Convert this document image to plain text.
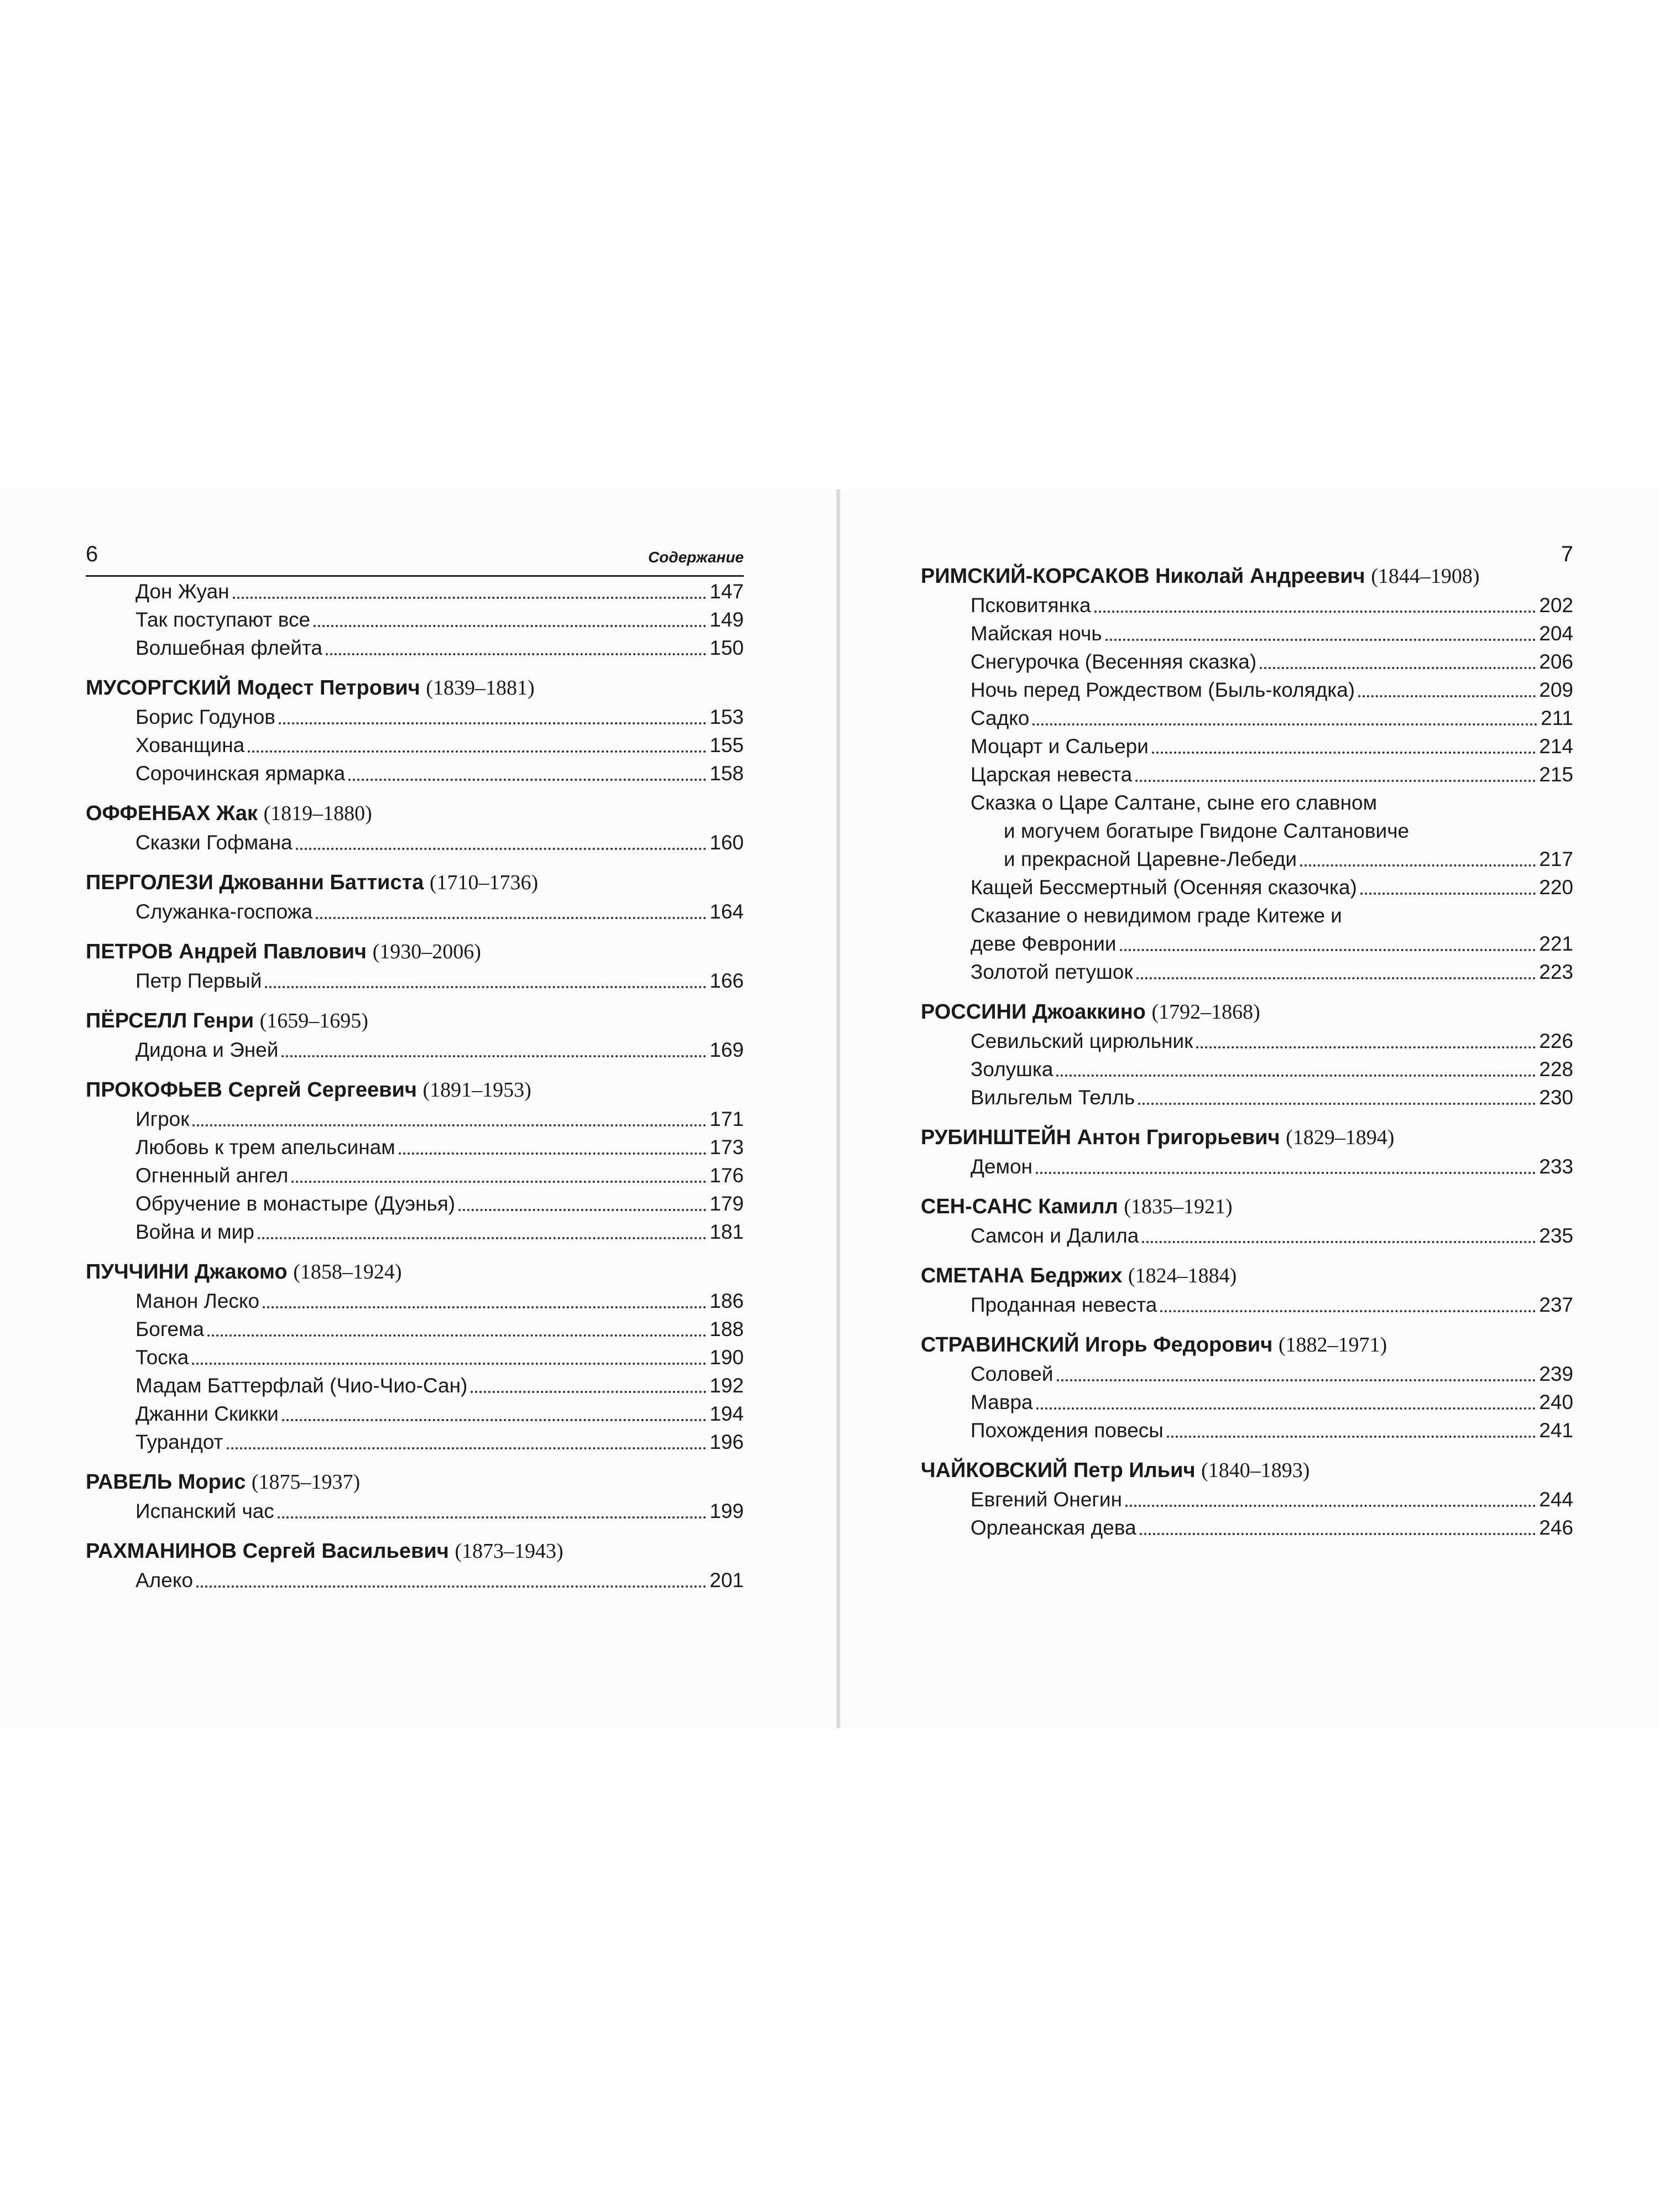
6	Содержание
Дон Жуан	147
Так поступают все	149
Волшебная флейта	150
МУСОРГСКИЙ Модест Петрович (1839–1881)
Борис Годунов	153
Хованщина	155
Сорочинская ярмарка	158
ОФФЕНБАХ Жак (1819–1880)
Сказки Гофмана	160
ПЕРГОЛЕЗИ Джованни Баттиста (1710–1736)
Служанка-госпожа	164
ПЕТРОВ Андрей Павлович (1930–2006)
Петр Первый	166
ПЁРСЕЛЛ Генри (1659–1695)
Дидона и Эней	169
ПРОКОФЬЕВ Сергей Сергеевич (1891–1953)
Игрок	171
Любовь к трем апельсинам	173
Огненный ангел	176
Обручение в монастыре (Дуэнья)	179
Война и мир	181
ПУЧЧИНИ Джакомо (1858–1924)
Манон Леско	186
Богема	188
Тоска	190
Мадам Баттерфлай (Чио-Чио-Сан)	192
Джанни Скикки	194
Турандот	196
РАВЕЛЬ Морис (1875–1937)
Испанский час	199
РАХМАНИНОВ Сергей Васильевич (1873–1943)
Алеко	201
7
РИМСКИЙ-КОРСАКОВ Николай Андреевич (1844–1908)
Псковитянка	202
Майская ночь	204
Снегурочка (Весенняя сказка)	206
Ночь перед Рождеством (Быль-колядка)	209
Садко	211
Моцарт и Сальери	214
Царская невеста	215
Сказка о Царе Салтане, сыне его славном
и могучем богатыре Гвидоне Салтановиче
и прекрасной Царевне-Лебеди	217
Кащей Бессмертный (Осенняя сказочка)	220
Сказание о невидимом граде Китеже и
деве Февронии	221
Золотой петушок	223
РОССИНИ Джоаккино (1792–1868)
Севильский цирюльник	226
Золушка	228
Вильгельм Телль	230
РУБИНШТЕЙН Антон Григорьевич (1829–1894)
Демон	233
СЕН-САНС Камилл (1835–1921)
Самсон и Далила	235
СМЕТАНА Бедржих (1824–1884)
Проданная невеста	237
СТРАВИНСКИЙ Игорь Федорович (1882–1971)
Соловей	239
Мавра	240
Похождения повесы	241
ЧАЙКОВСКИЙ Петр Ильич (1840–1893)
Евгений Онегин	244
Орлеанская дева	246
